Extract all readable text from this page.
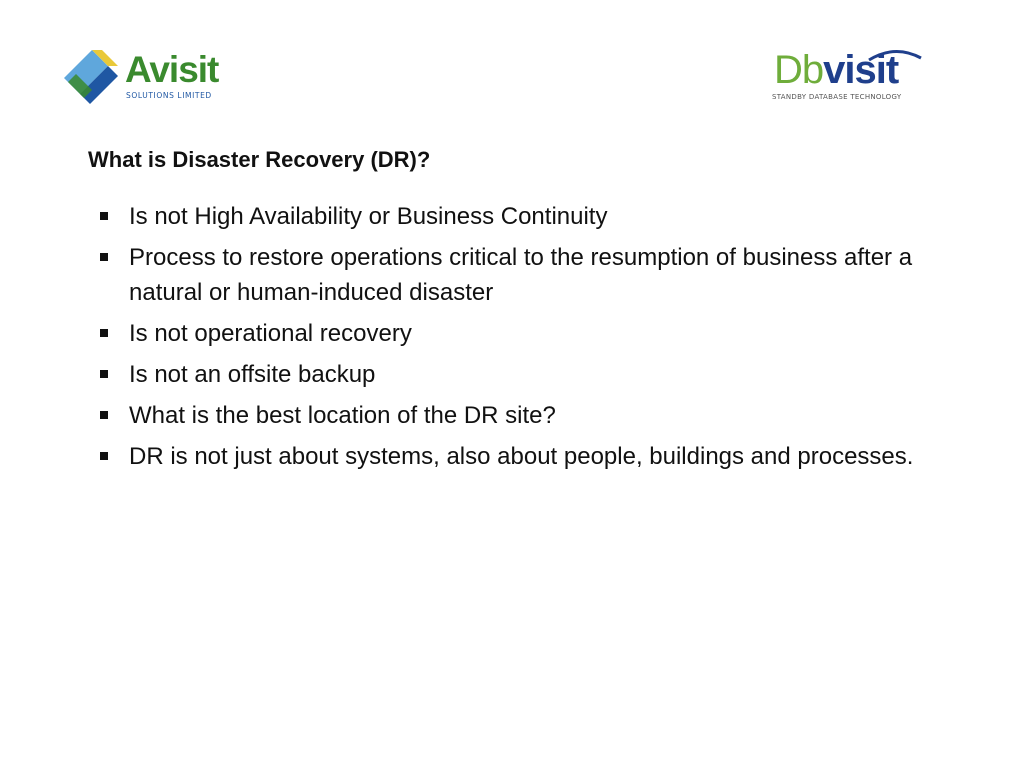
Avisit
SOLUTIONS LIMITED
Dbvisit
STANDBY DATABASE TECHNOLOGY
What is Disaster Recovery (DR)?
Is not High Availability or Business Continuity
Process to restore operations critical to the resumption of business after a natural or human-induced disaster
Is not operational recovery
Is not an offsite backup
What is the best location of the DR site?
DR is not just about systems, also about people, buildings and processes.
